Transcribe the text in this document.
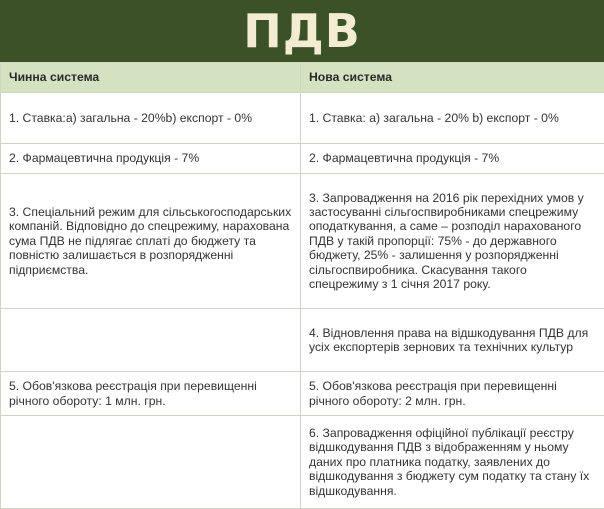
ПДВ
Чинна система	Нова система
1. Ставка:а) загальна - 20%b) експорт - 0%	1. Ставка: а) загальна - 20% b) експорт - 0%
2. Фармацевтична продукція - 7%	2. Фармацевтична продукція - 7%
3. Спеціальний режим для сільськогосподарських компаній. Відповідно до спецрежиму, нарахована сума ПДВ не підлягає сплаті до бюджету та повністю залишається в розпорядженні підприємства.	3. Запровадження на 2016 рік перехідних умов у застосуванні сільгоспвиробниками спецрежиму оподаткування, а саме – розподіл нарахованого ПДВ у такій пропорції: 75% - до державного бюджету, 25% - залишення у розпорядженні сільгоспвиробника. Скасування такого спецрежиму з 1 січня 2017 року.
	4. Відновлення права на відшкодування ПДВ для усіх експортерів зернових та технічних культур
5. Обов'язкова реєстрація при перевищенні річного обороту: 1 млн. грн.	5. Обов'язкова реєстрація при перевищенні річного обороту: 2 млн. грн.
	6. Запровадження офіційної публікації реєстру відшкодування ПДВ з відображенням у ньому даних про платника податку, заявлених до відшкодування з бюджету сум податку та стану їх відшкодування.
